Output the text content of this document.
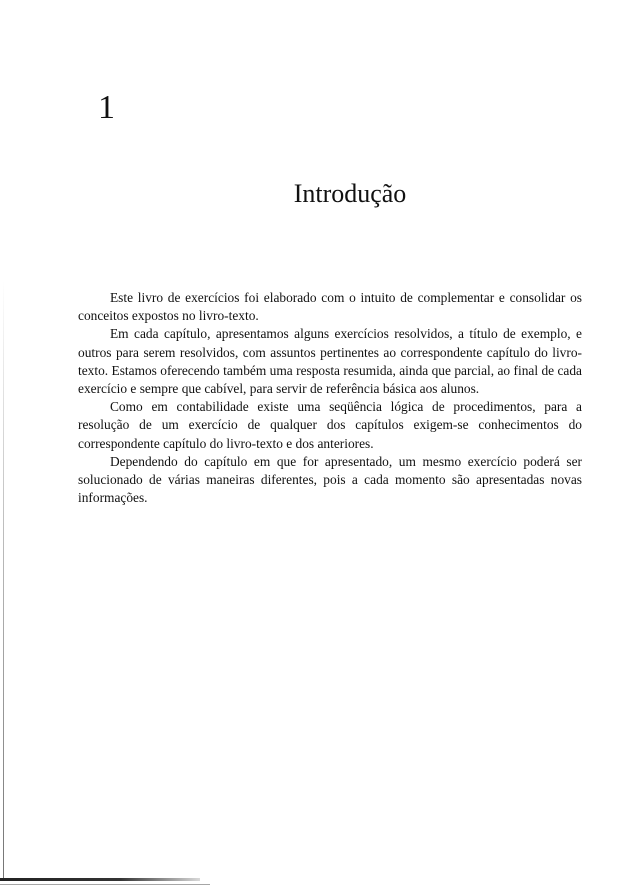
1
Introdução

Este livro de exercícios foi elaborado com o intuito de complementar e consolidar os conceitos expostos no livro-texto.

Em cada capítulo, apresentamos alguns exercícios resolvidos, a título de exemplo, e outros para serem resolvidos, com assuntos pertinentes ao correspondente capítulo do livro-texto. Estamos oferecendo também uma resposta resumida, ainda que parcial, ao final de cada exercício e sempre que cabível, para servir de referência básica aos alunos.

Como em contabilidade existe uma seqüência lógica de procedimentos, para a resolução de um exercício de qualquer dos capítulos exigem-se conhecimentos do correspondente capítulo do livro-texto e dos anteriores.

Dependendo do capítulo em que for apresentado, um mesmo exercício poderá ser solucionado de várias maneiras diferentes, pois a cada momento são apresentadas novas informações.
